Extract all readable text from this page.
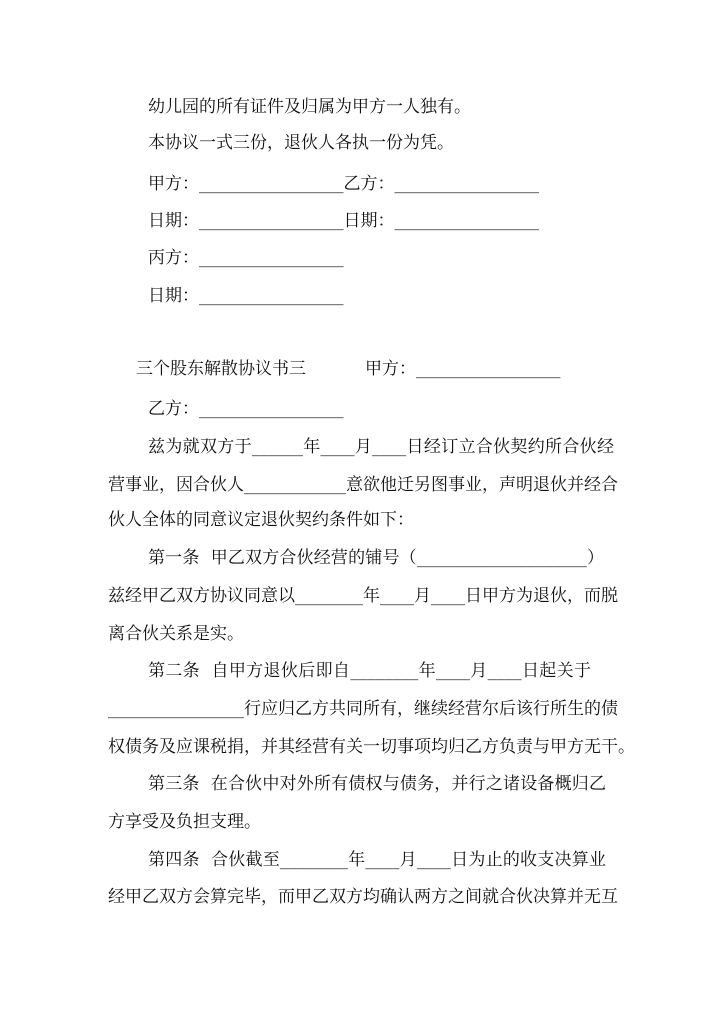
幼儿园的所有证件及归属为甲方一人独有。
本协议一式三份，退伙人各执一份为凭。
甲方：_________________乙方：_________________
日期：_________________日期：_________________
丙方：_________________
日期：_________________
三个股东解散协议书三	甲方：_________________
乙方：_________________
兹为就双方于______年____月____日经订立合伙契约所合伙经
营事业，因合伙人____________意欲他迁另图事业，声明退伙并经合
伙人全体的同意议定退伙契约条件如下：
第一条  甲乙双方合伙经营的铺号（____________________）
兹经甲乙双方协议同意以________年____月____日甲方为退伙，而脱
离合伙关系是实。
第二条  自甲方退伙后即自________年____月____日起关于
________________行应归乙方共同所有，继续经营尔后该行所生的债
权债务及应课税捐，并其经营有关一切事项均归乙方负责与甲方无干。
第三条  在合伙中对外所有债权与债务，并行之诸设备概归乙
方享受及负担支理。
第四条  合伙截至________年____月____日为止的收支决算业
经甲乙双方会算完毕，而甲乙双方均确认两方之间就合伙决算并无互
